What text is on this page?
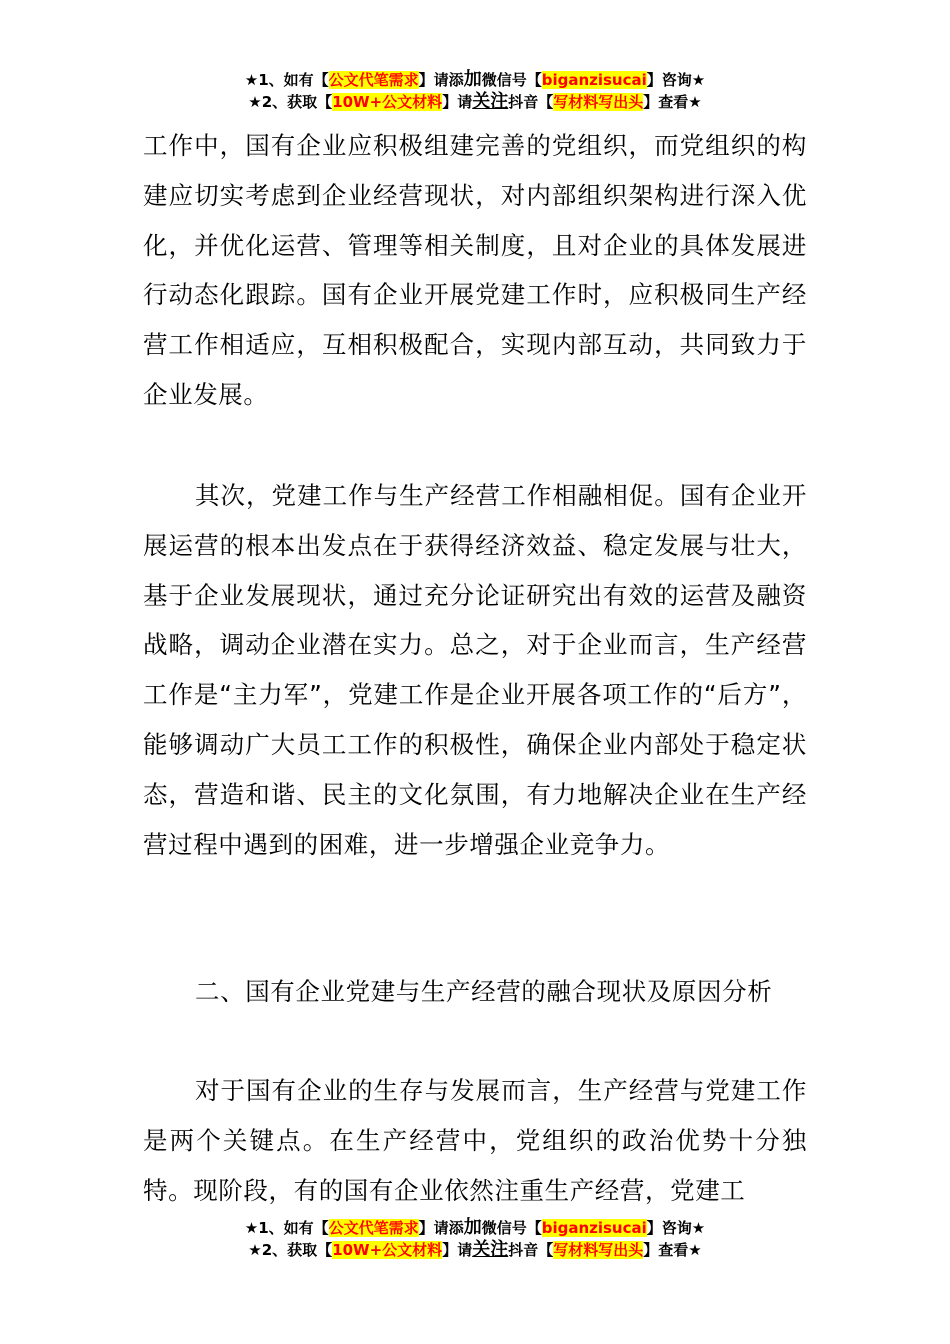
★1、如有【公文代笔需求】请添加微信号【biganzisucai】咨询★
★2、获取【10W+公文材料】请关注抖音【写材料写出头】查看★

工作中，国有企业应积极组建完善的党组织，而党组织的构建应切实考虑到企业经营现状，对内部组织架构进行深入优化，并优化运营、管理等相关制度，且对企业的具体发展进行动态化跟踪。国有企业开展党建工作时，应积极同生产经营工作相适应，互相积极配合，实现内部互动，共同致力于企业发展。

其次，党建工作与生产经营工作相融相促。国有企业开展运营的根本出发点在于获得经济效益、稳定发展与壮大，基于企业发展现状，通过充分论证研究出有效的运营及融资战略，调动企业潜在实力。总之，对于企业而言，生产经营工作是“主力军”，党建工作是企业开展各项工作的“后方”，能够调动广大员工工作的积极性，确保企业内部处于稳定状态，营造和谐、民主的文化氛围，有力地解决企业在生产经营过程中遇到的困难，进一步增强企业竞争力。

二、国有企业党建与生产经营的融合现状及原因分析

对于国有企业的生存与发展而言，生产经营与党建工作是两个关键点。在生产经营中，党组织的政治优势十分独特。现阶段，有的国有企业依然注重生产经营，党建工

★1、如有【公文代笔需求】请添加微信号【biganzisucai】咨询★
★2、获取【10W+公文材料】请关注抖音【写材料写出头】查看★
